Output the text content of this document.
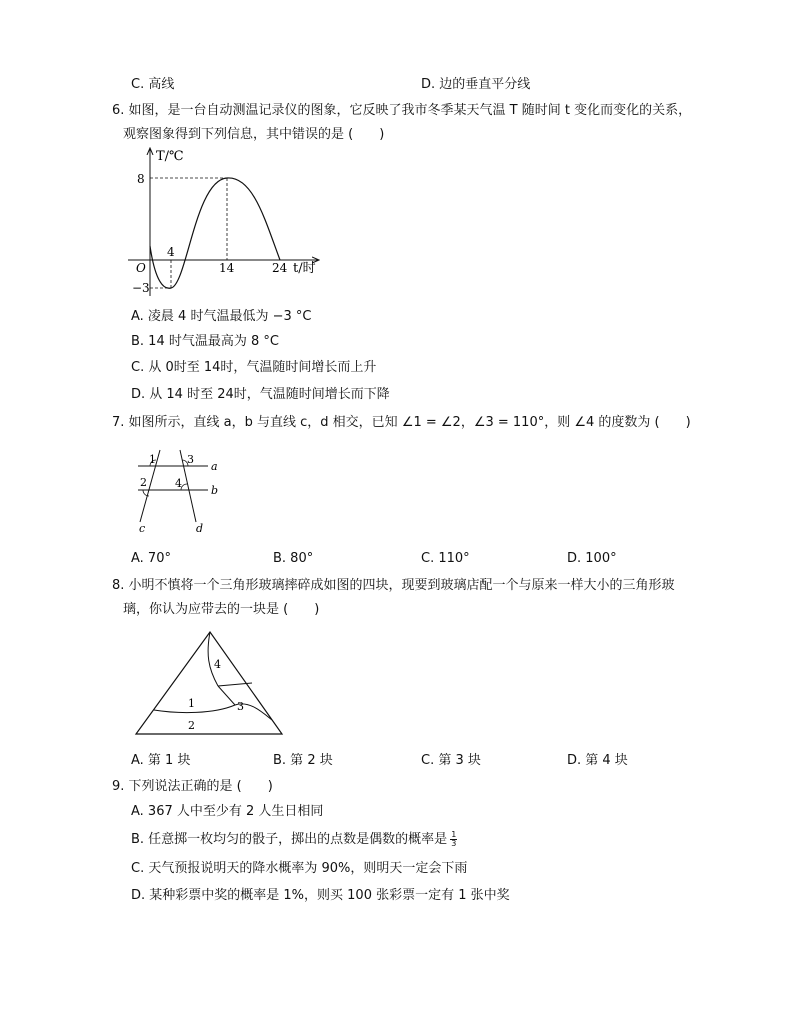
C. 高线	D. 边的垂直平分线
6. 如图，是一台自动测温记录仪的图象，它反映了我市冬季某天气温 T 随时间 t 变化而变化的关系，
观察图象得到下列信息，其中错误的是 (　　)
T/℃
8
4
O	14	24 t/时
−3
A. 凌晨 4 时气温最低为 −3 °C
B. 14 时气温最高为 8 °C
C. 从 0时至 14时，气温随时间增长而上升
D. 从 14 时至 24时，气温随时间增长而下降
7. 如图所示，直线 a，b 与直线 c，d 相交，已知 ∠1 = ∠2，∠3 = 110°，则 ∠4 的度数为 (　　)
1	3
a
2	4
b
c	d
A. 70°	B. 80°	C. 110°	D. 100°
8. 小明不慎将一个三角形玻璃摔碎成如图的四块，现要到玻璃店配一个与原来一样大小的三角形玻
璃，你认为应带去的一块是 (　　)
4
1	3
2
A. 第 1 块	B. 第 2 块	C. 第 3 块	D. 第 4 块
9. 下列说法正确的是 (　　)
A. 367 人中至少有 2 人生日相同
B. 任意掷一枚均匀的骰子，掷出的点数是偶数的概率是 $\frac{1}{3}$
C. 天气预报说明天的降水概率为 90%，则明天一定会下雨
D. 某种彩票中奖的概率是 1%，则买 100 张彩票一定有 1 张中奖
